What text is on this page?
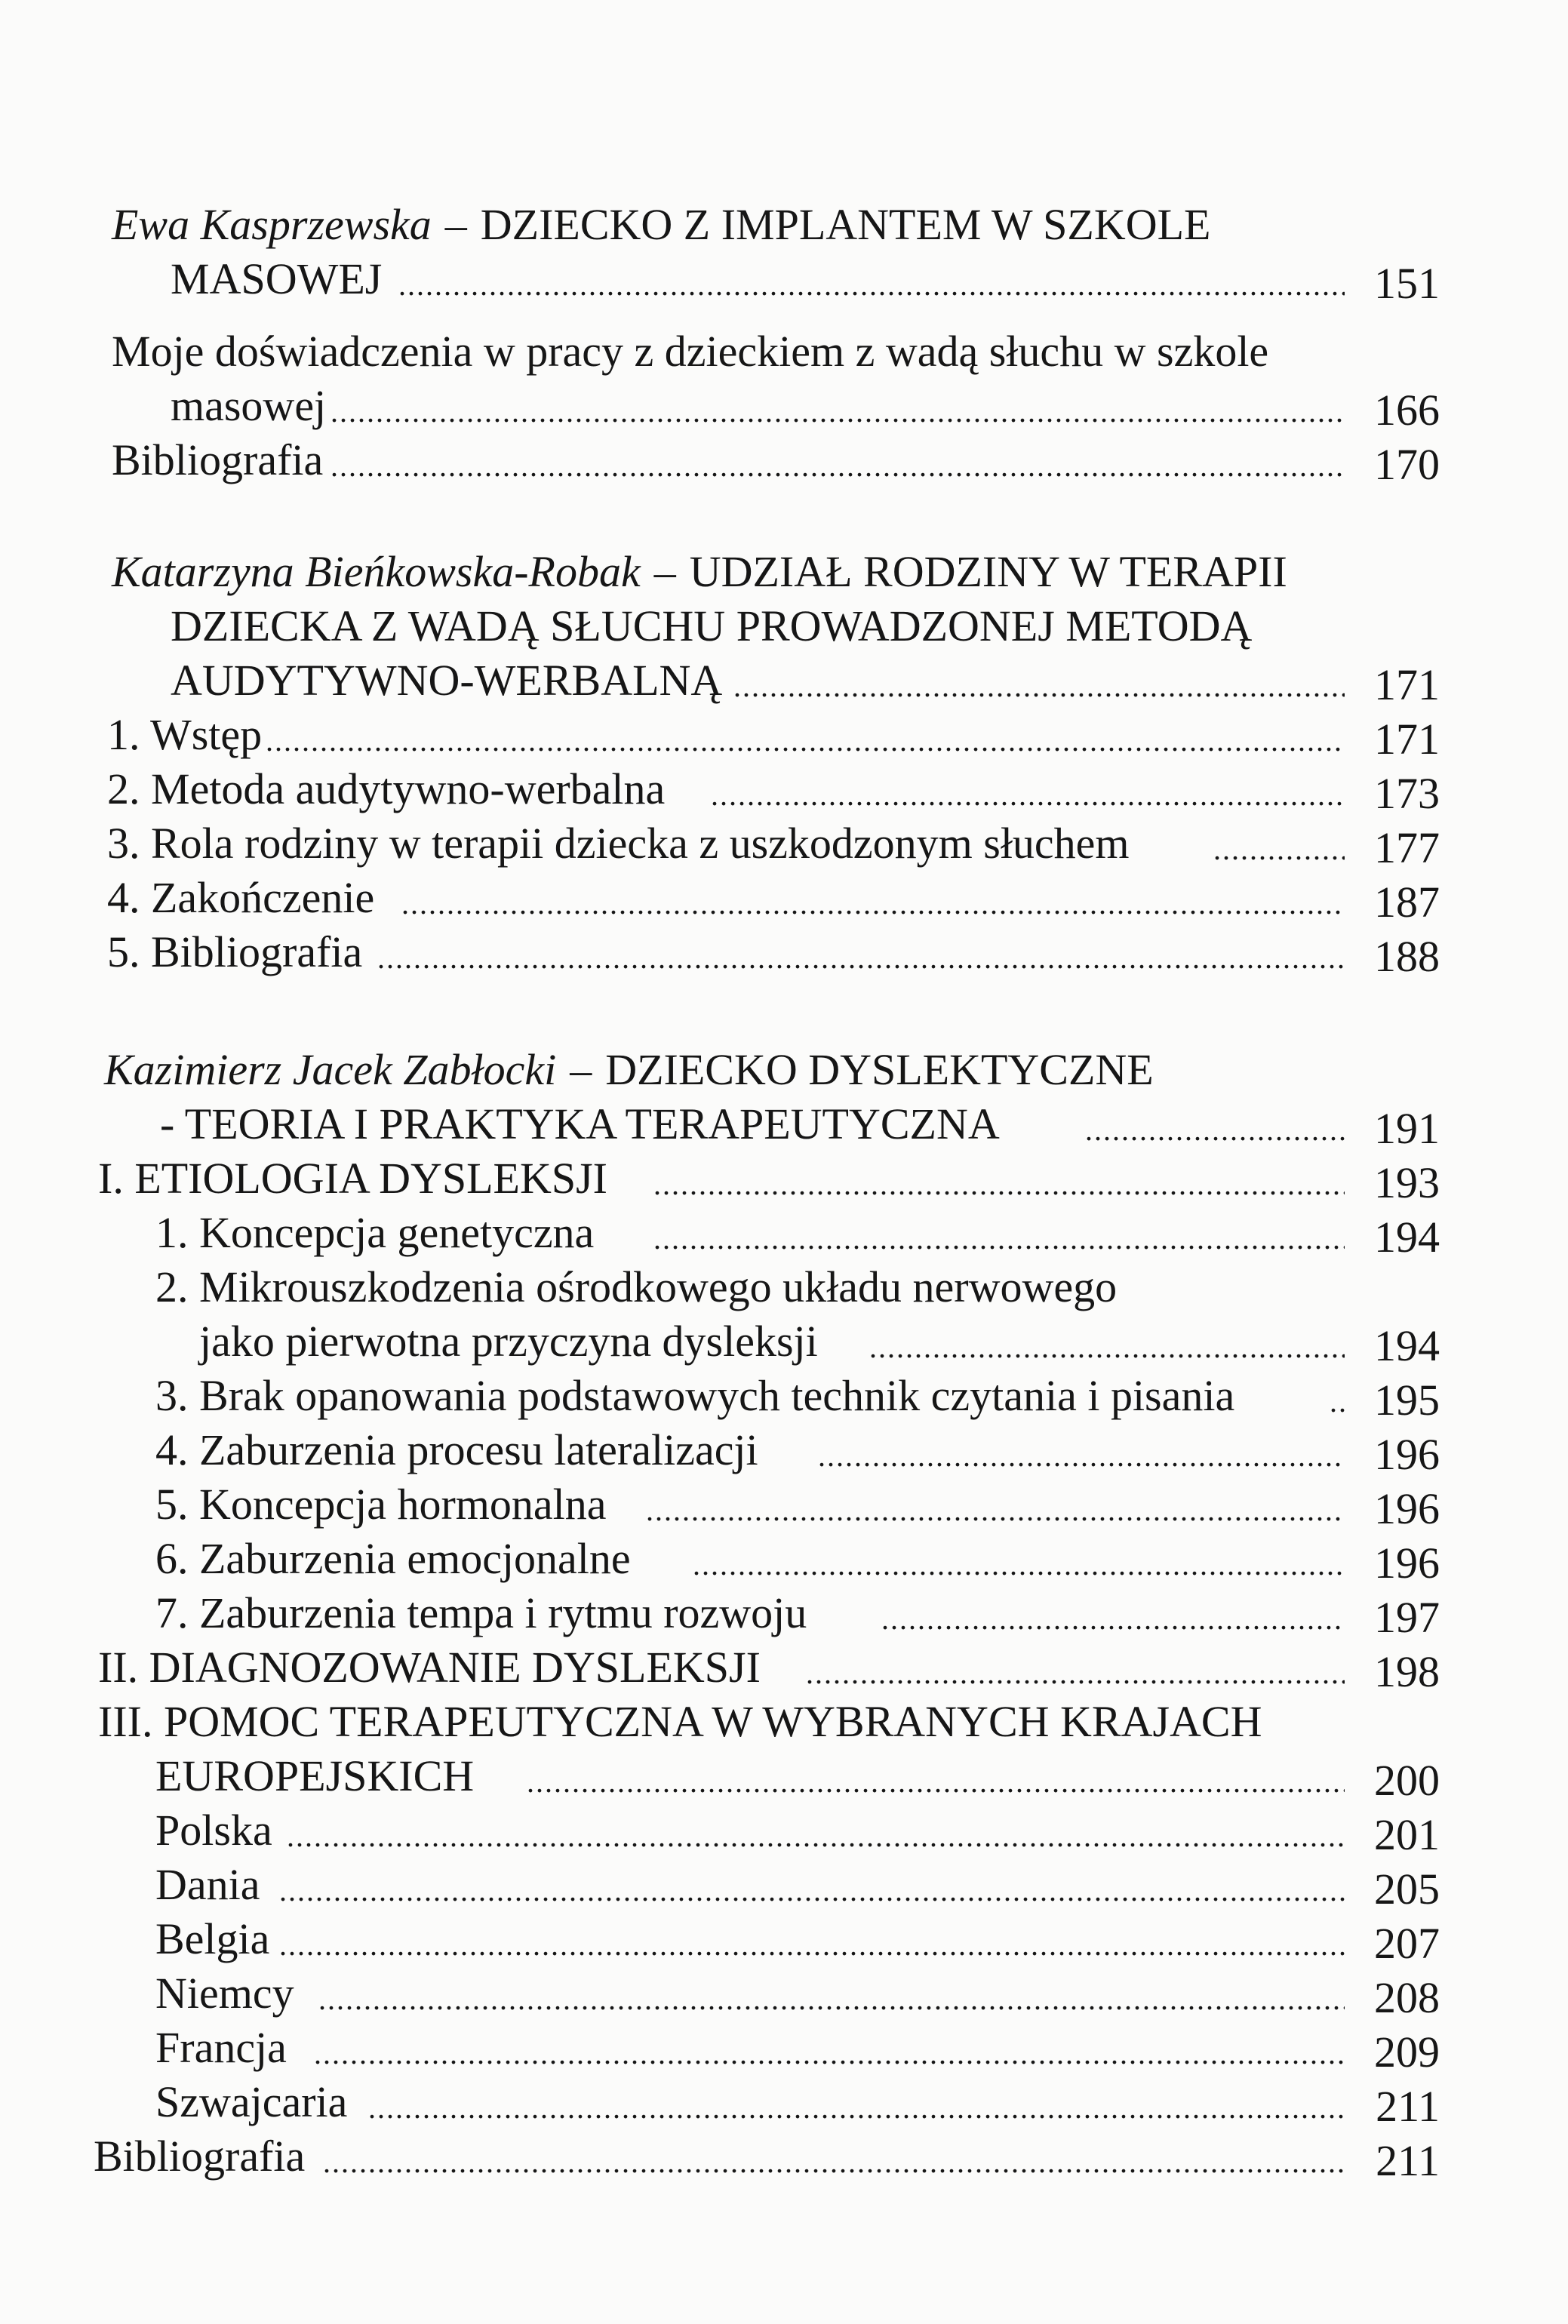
Ewa Kasprzewska – DZIECKO Z IMPLANTEM W SZKOLE
MASOWEJ .....	151
Moje doświadczenia w pracy z dzieckiem z wadą słuchu w szkole
masowej .....	166
Bibliografia .....	170
Katarzyna Bieńkowska-Robak – UDZIAŁ RODZINY W TERAPII
DZIECKA Z WADĄ SŁUCHU PROWADZONEJ METODĄ
AUDYTYWNO-WERBALNĄ .....	171
1. Wstęp .....	171
2. Metoda audytywno-werbalna .....	173
3. Rola rodziny w terapii dziecka z uszkodzonym słuchem .....	177
4. Zakończenie .....	187
5. Bibliografia .....	188
Kazimierz Jacek Zabłocki – DZIECKO DYSLEKTYCZNE
- TEORIA I PRAKTYKA TERAPEUTYCZNA .....	191
I. ETIOLOGIA DYSLEKSJI .....	193
1. Koncepcja genetyczna .....	194
2. Mikrouszkodzenia ośrodkowego układu nerwowego
jako pierwotna przyczyna dysleksji .....	194
3. Brak opanowania podstawowych technik czytania i pisania .....	195
4. Zaburzenia procesu lateralizacji .....	196
5. Koncepcja hormonalna .....	196
6. Zaburzenia emocjonalne .....	196
7. Zaburzenia tempa i rytmu rozwoju .....	197
II. DIAGNOZOWANIE DYSLEKSJI .....	198
III. POMOC TERAPEUTYCZNA W WYBRANYCH KRAJACH
EUROPEJSKICH .....	200
Polska .....	201
Dania .....	205
Belgia .....	207
Niemcy .....	208
Francja .....	209
Szwajcaria .....	211
Bibliografia .....	211
